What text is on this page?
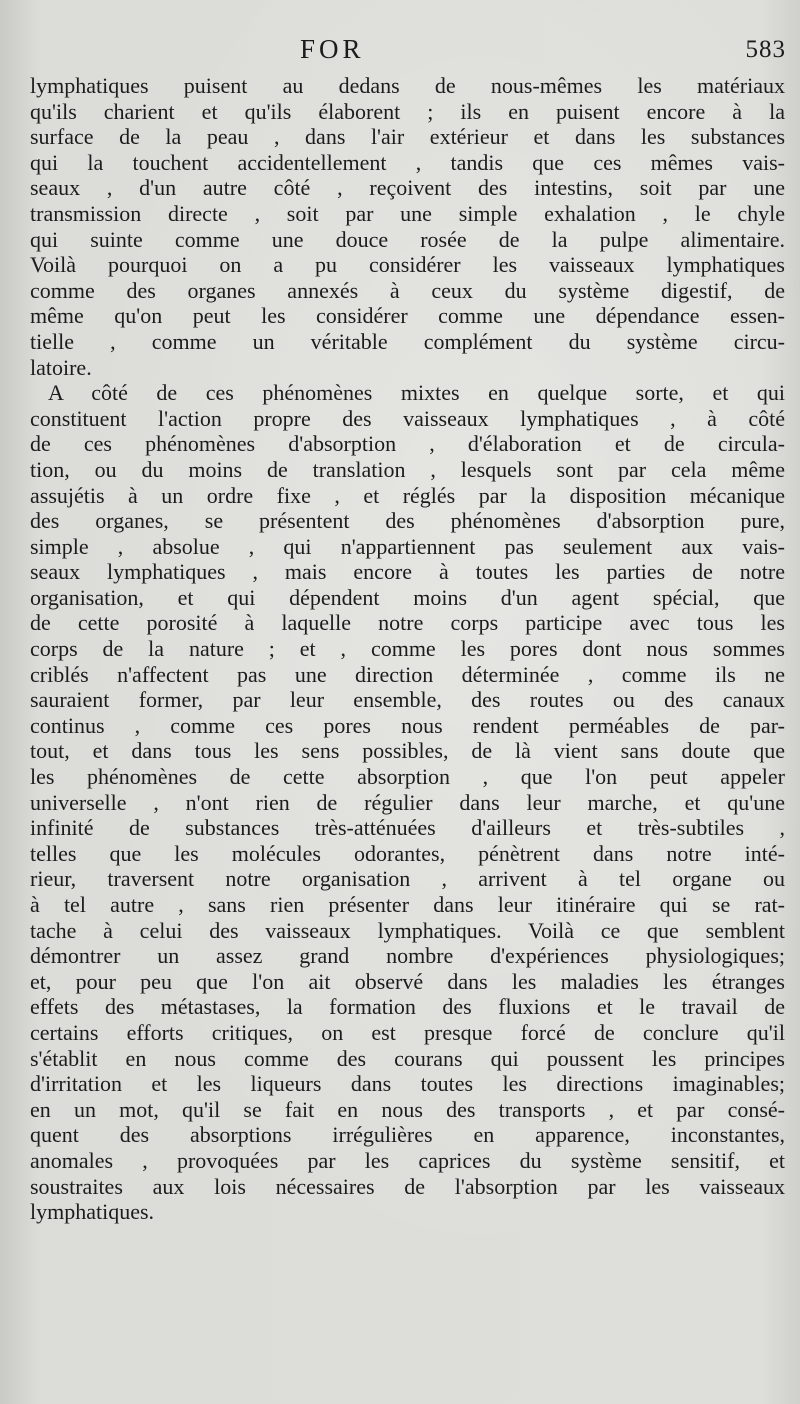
FOR	583
lymphatiques puisent au dedans de nous-mêmes les matériaux
qu'ils charient et qu'ils élaborent ; ils en puisent encore à la
surface de la peau , dans l'air extérieur et dans les substances
qui la touchent accidentellement , tandis que ces mêmes vais-
seaux , d'un autre côté , reçoivent des intestins, soit par une
transmission directe , soit par une simple exhalation , le chyle
qui suinte comme une douce rosée de la pulpe alimentaire.
Voilà pourquoi on a pu considérer les vaisseaux lymphatiques
comme des organes annexés à ceux du système digestif, de
même qu'on peut les considérer comme une dépendance essen-
tielle , comme un véritable complément du système circu-
latoire.
A côté de ces phénomènes mixtes en quelque sorte, et qui
constituent l'action propre des vaisseaux lymphatiques , à côté
de ces phénomènes d'absorption , d'élaboration et de circula-
tion, ou du moins de translation , lesquels sont par cela même
assujétis à un ordre fixe , et réglés par la disposition mécanique
des organes, se présentent des phénomènes d'absorption pure,
simple , absolue , qui n'appartiennent pas seulement aux vais-
seaux lymphatiques , mais encore à toutes les parties de notre
organisation, et qui dépendent moins d'un agent spécial, que
de cette porosité à laquelle notre corps participe avec tous les
corps de la nature ; et , comme les pores dont nous sommes
criblés n'affectent pas une direction déterminée , comme ils ne
sauraient former, par leur ensemble, des routes ou des canaux
continus , comme ces pores nous rendent perméables de par-
tout, et dans tous les sens possibles, de là vient sans doute que
les phénomènes de cette absorption , que l'on peut appeler
universelle , n'ont rien de régulier dans leur marche, et qu'une
infinité de substances très-atténuées d'ailleurs et très-subtiles ,
telles que les molécules odorantes, pénètrent dans notre inté-
rieur, traversent notre organisation , arrivent à tel organe ou
à tel autre , sans rien présenter dans leur itinéraire qui se rat-
tache à celui des vaisseaux lymphatiques. Voilà ce que semblent
démontrer un assez grand nombre d'expériences physiologiques;
et, pour peu que l'on ait observé dans les maladies les étranges
effets des métastases, la formation des fluxions et le travail de
certains efforts critiques, on est presque forcé de conclure qu'il
s'établit en nous comme des courans qui poussent les principes
d'irritation et les liqueurs dans toutes les directions imaginables;
en un mot, qu'il se fait en nous des transports , et par consé-
quent des absorptions irrégulières en apparence, inconstantes,
anomales , provoquées par les caprices du système sensitif, et
soustraites aux lois nécessaires de l'absorption par les vaisseaux
lymphatiques.
